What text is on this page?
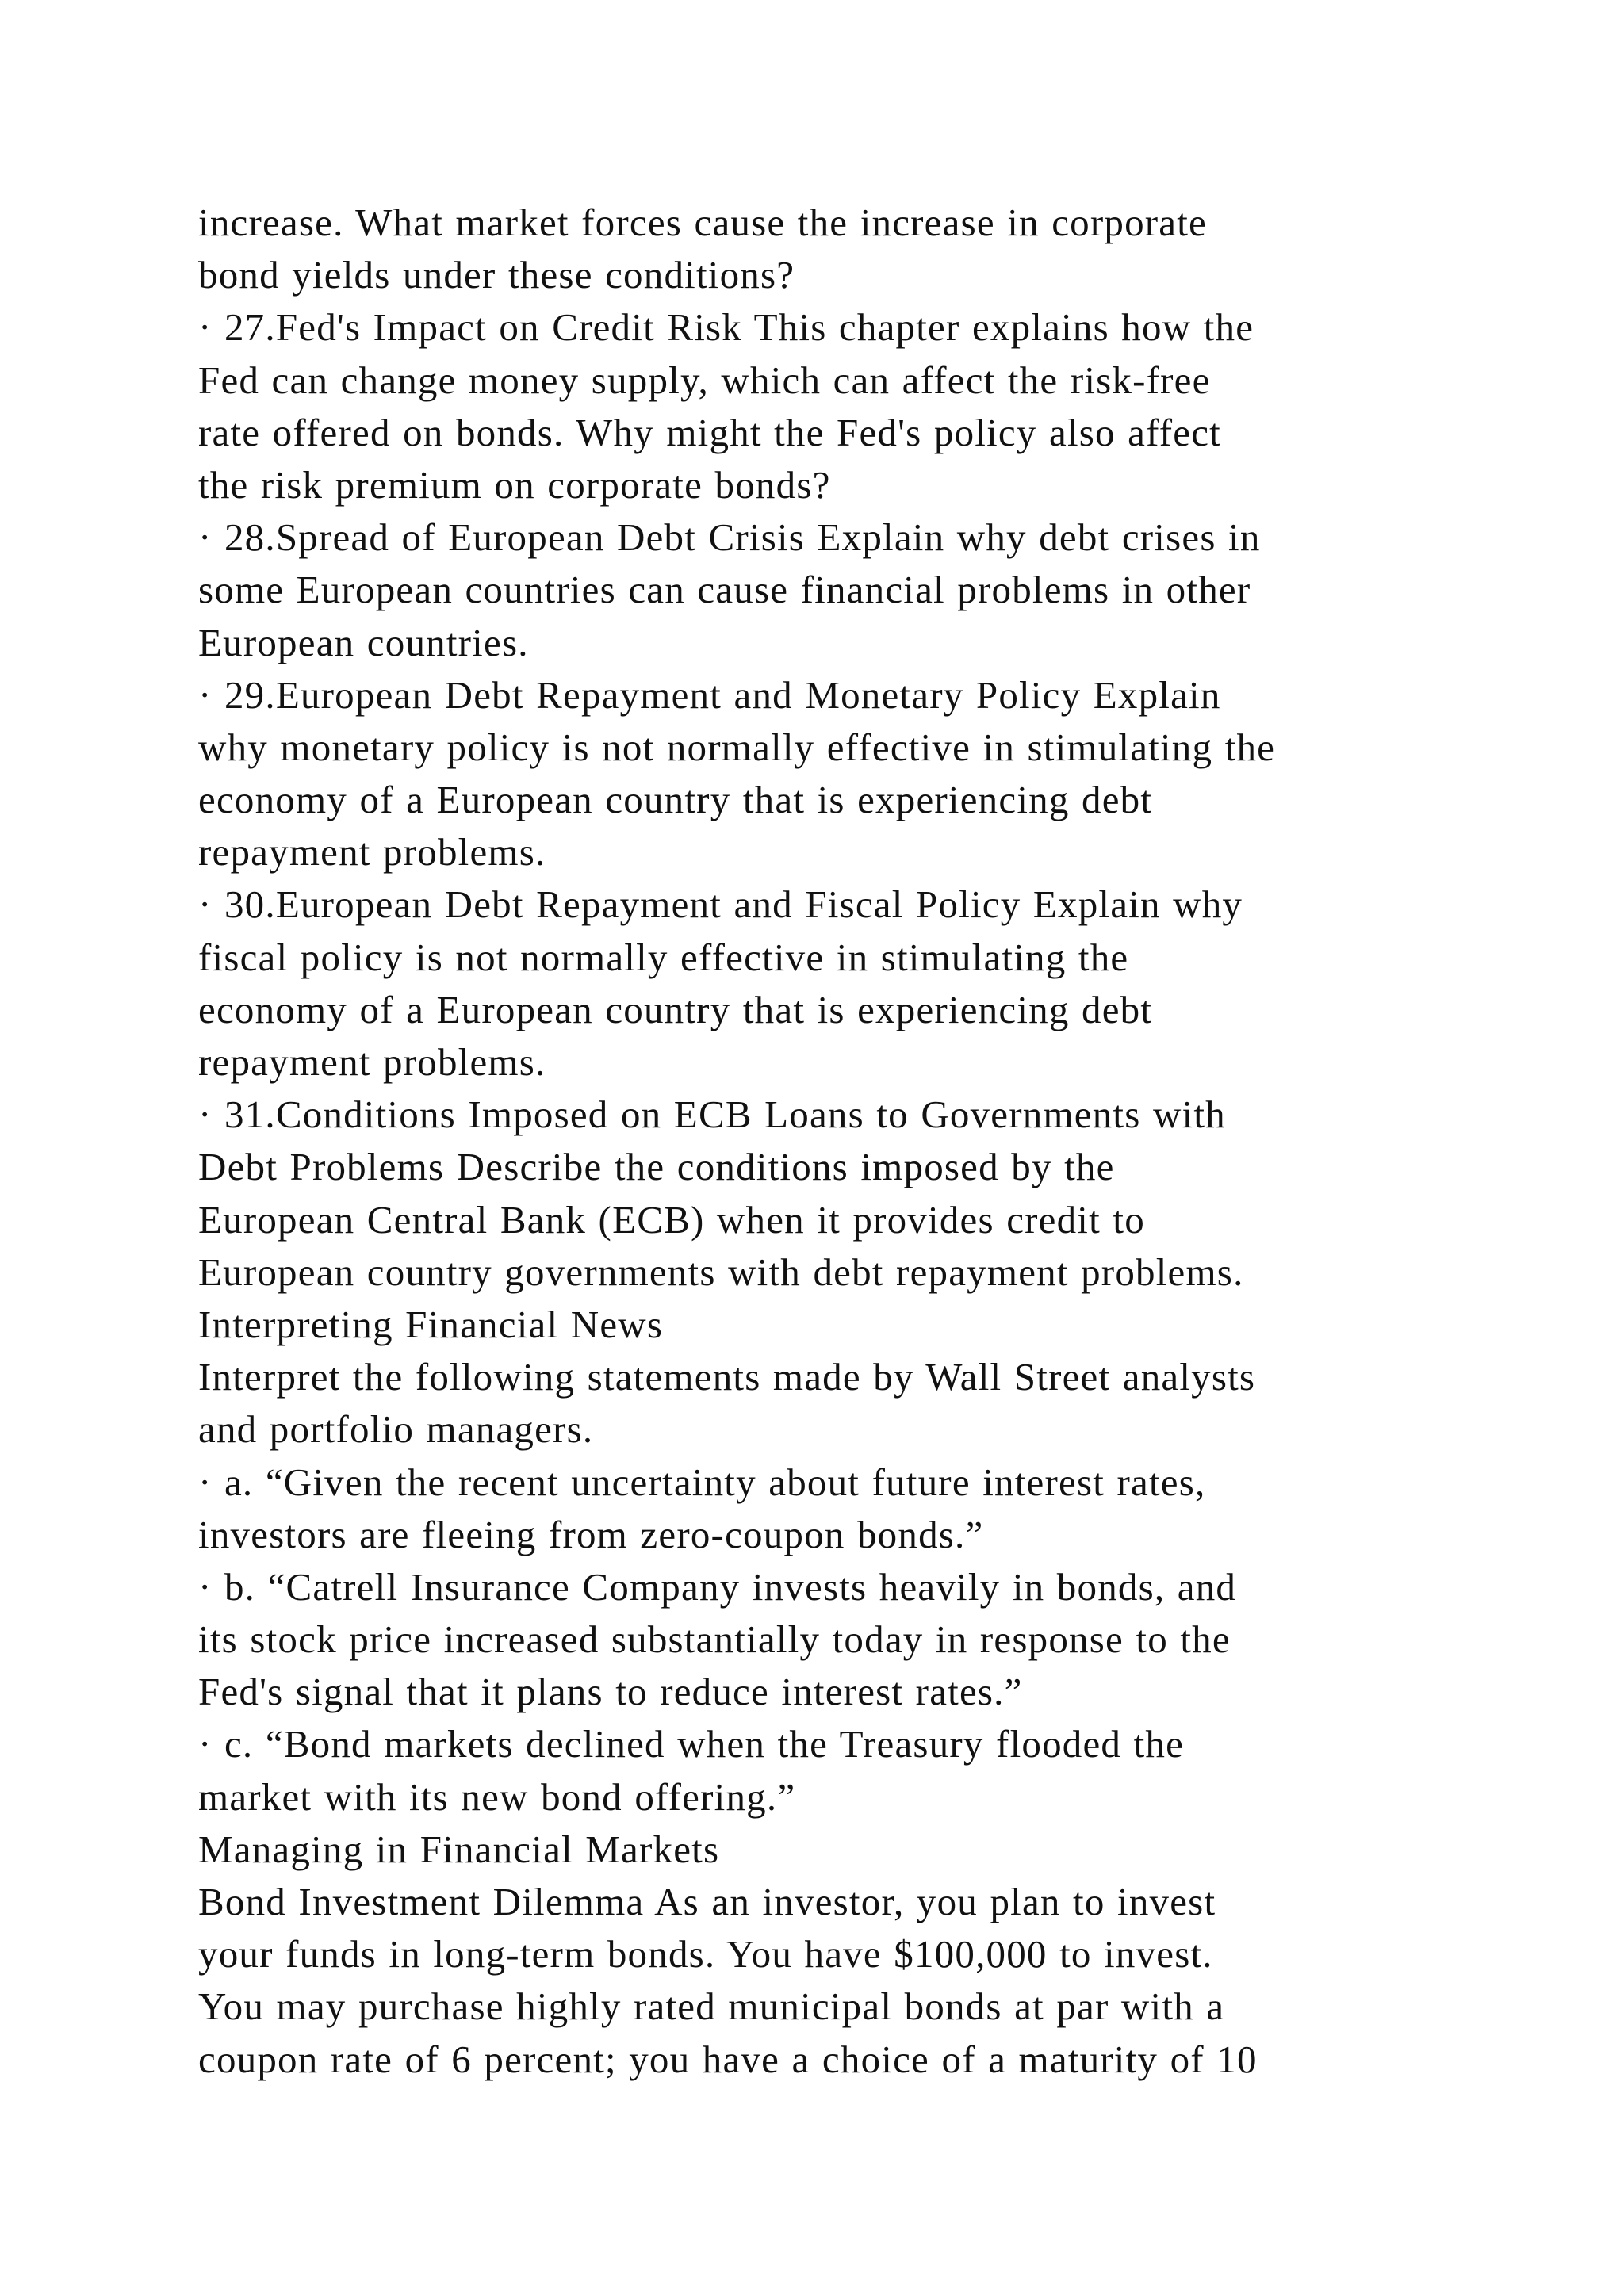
increase. What market forces cause the increase in corporate
bond yields under these conditions?
· 27.Fed's Impact on Credit Risk This chapter explains how the
Fed can change money supply, which can affect the risk-free
rate offered on bonds. Why might the Fed's policy also affect
the risk premium on corporate bonds?
· 28.Spread of European Debt Crisis Explain why debt crises in
some European countries can cause financial problems in other
European countries.
· 29.European Debt Repayment and Monetary Policy Explain
why monetary policy is not normally effective in stimulating the
economy of a European country that is experiencing debt
repayment problems.
· 30.European Debt Repayment and Fiscal Policy Explain why
fiscal policy is not normally effective in stimulating the
economy of a European country that is experiencing debt
repayment problems.
· 31.Conditions Imposed on ECB Loans to Governments with
Debt Problems Describe the conditions imposed by the
European Central Bank (ECB) when it provides credit to
European country governments with debt repayment problems.
Interpreting Financial News
Interpret the following statements made by Wall Street analysts
and portfolio managers.
· a. “Given the recent uncertainty about future interest rates,
investors are fleeing from zero-coupon bonds.”
· b. “Catrell Insurance Company invests heavily in bonds, and
its stock price increased substantially today in response to the
Fed's signal that it plans to reduce interest rates.”
· c. “Bond markets declined when the Treasury flooded the
market with its new bond offering.”
Managing in Financial Markets
Bond Investment Dilemma As an investor, you plan to invest
your funds in long-term bonds. You have $100,000 to invest.
You may purchase highly rated municipal bonds at par with a
coupon rate of 6 percent; you have a choice of a maturity of 10
